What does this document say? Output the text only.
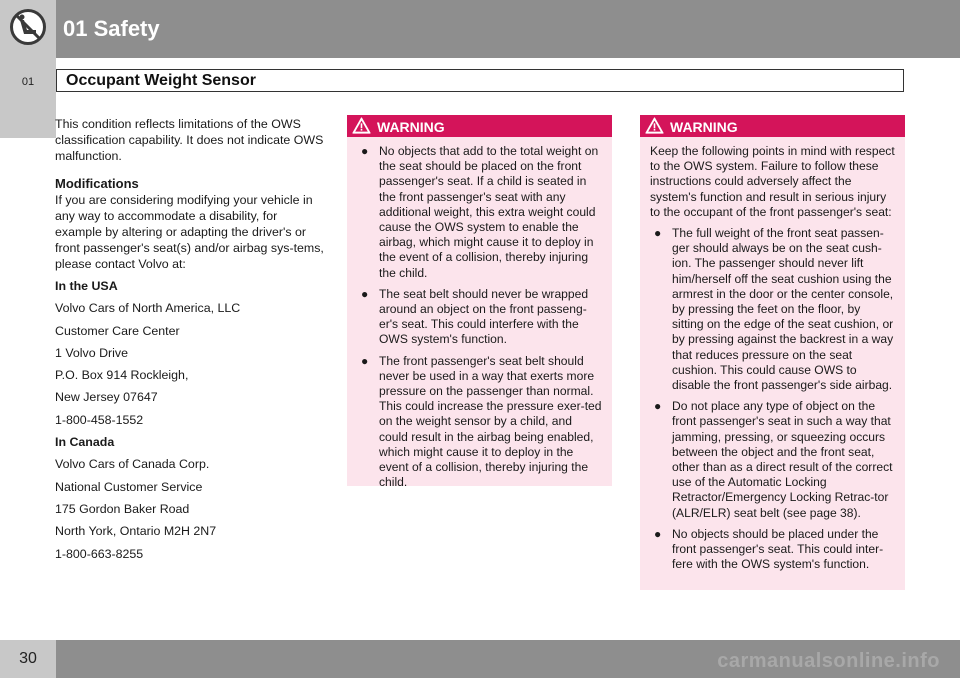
01 Safety
01	Occupant Weight Sensor

This condition reflects limitations of the OWS classification capability. It does not indicate OWS malfunction.

Modifications

If you are considering modifying your vehicle in any way to accommodate a disability, for example by altering or adapting the driver's or front passenger's seat(s) and/or airbag sys-tems, please contact Volvo at:

In the USA

Volvo Cars of North America, LLC

Customer Care Center

1 Volvo Drive

P.O. Box 914 Rockleigh,

New Jersey 07647

1-800-458-1552

In Canada

Volvo Cars of Canada Corp.

National Customer Service

175 Gordon Baker Road

North York, Ontario M2H 2N7

1-800-663-8255

WARNING
● No objects that add to the total weight on the seat should be placed on the front passenger's seat. If a child is seated in the front passenger's seat with any additional weight, this extra weight could cause the OWS system to enable the airbag, which might cause it to deploy in the event of a collision, thereby injuring the child.
● The seat belt should never be wrapped around an object on the front passeng-er's seat. This could interfere with the OWS system's function.
● The front passenger's seat belt should never be used in a way that exerts more pressure on the passenger than normal. This could increase the pressure exer-ted on the weight sensor by a child, and could result in the airbag being enabled, which might cause it to deploy in the event of a collision, thereby injuring the child.
WARNING

Keep the following points in mind with respect to the OWS system. Failure to follow these instructions could adversely affect the system's function and result in serious injury to the occupant of the front passenger's seat:

● The full weight of the front seat passen-ger should always be on the seat cush-ion. The passenger should never lift him/herself off the seat cushion using the armrest in the door or the center console, by pressing the feet on the floor, by sitting on the edge of the seat cushion, or by pressing against the backrest in a way that reduces pressure on the seat cushion. This could cause OWS to disable the front passenger's side airbag.
● Do not place any type of object on the front passenger's seat in such a way that jamming, pressing, or squeezing occurs between the object and the front seat, other than as a direct result of the correct use of the Automatic Locking Retractor/Emergency Locking Retrac-tor (ALR/ELR) seat belt (see page 38).
● No objects should be placed under the front passenger's seat. This could inter-fere with the OWS system's function.
30	carmanualsonline.info
